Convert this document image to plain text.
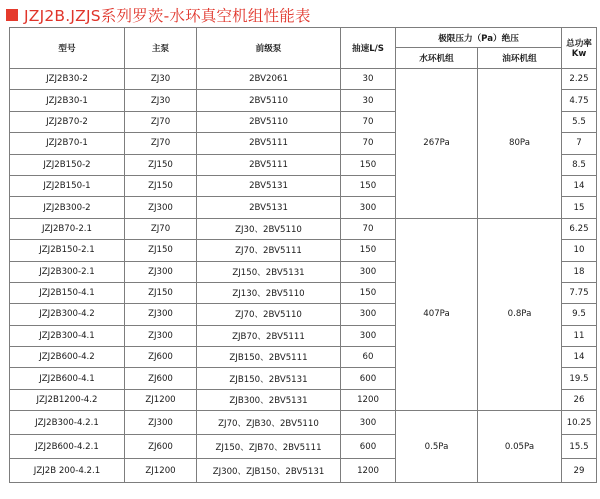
JZJ2B.JZJS系列罗茨-水环真空机组性能表
型号	主泵	前级泵	抽速L/S	极限压力（Pa）绝压		总功率
Kw

				水环机组	油环机组	
JZJ2B30-2	ZJ30	2BV2061	30	267Pa	80Pa	2.25
JZJ2B30-1	ZJ30	2BV5110	30			4.75
JZJ2B70-2	ZJ70	2BV5110	70			5.5
JZJ2B70-1	ZJ70	2BV5111	70			7
JZJ2B150-2	ZJ150	2BV5111	150			8.5
JZJ2B150-1	ZJ150	2BV5131	150			14
JZJ2B300-2	ZJ300	2BV5131	300			15
JZJ2B70-2.1	ZJ70	ZJ30、2BV5110	70	407Pa	0.8Pa	6.25
JZJ2B150-2.1	ZJ150	ZJ70、2BV5111	150			10
JZJ2B300-2.1	ZJ300	ZJ150、2BV5131	300			18
JZJ2B150-4.1	ZJ150	ZJ130、2BV5110	150			7.75
JZJ2B300-4.2	ZJ300	ZJ70、2BV5110	300			9.5
JZJ2B300-4.1	ZJ300	ZJB70、2BV5111	300			11
JZJ2B600-4.2	ZJ600	ZJB150、2BV5111	60			14
JZJ2B600-4.1	ZJ600	ZJB150、2BV5131	600			19.5
JZJ2B1200-4.2	ZJ1200	ZJB300、2BV5131	1200			26
JZJ2B300-4.2.1	ZJ300	ZJ70、ZJB30、2BV5110	300	0.5Pa	0.05Pa	10.25
JZJ2B600-4.2.1	ZJ600	ZJ150、ZJB70、2BV5111	600			15.5
JZJ2B 200-4.2.1	ZJ1200	ZJ300、ZJB150、2BV5131	1200			29
